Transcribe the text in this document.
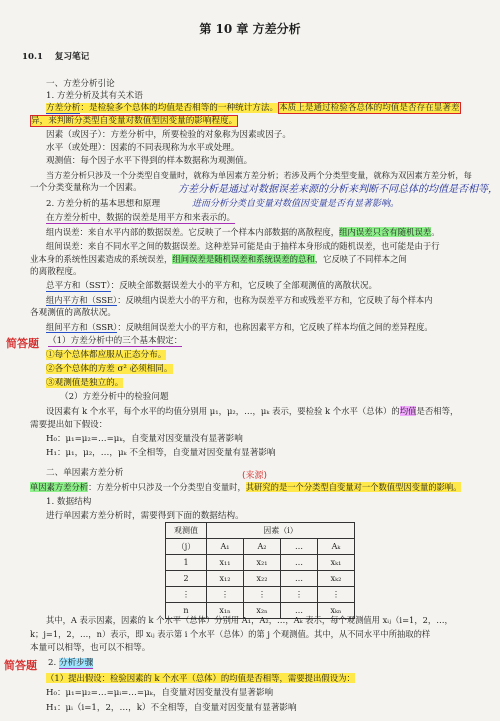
第 10 章 方差分析
10.1 复习笔记
一、方差分析引论
1. 方差分析及其有关术语
方差分析：是检验多个总体的均值是否相等的一种统计方法。本质上是通过检验各总体的均值是否存在显著差
异，来判断分类型自变量对数值型因变量的影响程度。
因素（或因子）：方差分析中，所要检验的对象称为因素或因子。
水平（或处理）：因素的不同表现称为水平或处理。
观测值：每个因子水平下得到的样本数据称为观测值。
当方差分析只涉及一个分类型自变量时，就称为单因素方差分析；若涉及两个分类型变量，就称为双因素方差分析，每
一个分类变量称为一个因素。	方差分析是通过对数据误差来源的分析来判断不同总体的均值是否相等，
进而分析分类自变量对数值因变量是否有显著影响。
2. 方差分析的基本思想和原理
在方差分析中，数据的误差是用平方和来表示的。
组内误差：来自水平内部的数据误差。它反映了一个样本内部数据的离散程度，组内误差只含有随机误差。
组间误差：来自不同水平之间的数据误差。这种差异可能是由于抽样本身形成的随机误差，也可能是由于行
业本身的系统性因素造成的系统误差，组间误差是随机误差和系统误差的总和，它反映了不同样本之间
的离散程度。
总平方和（SST）：反映全部数据误差大小的平方和，它反映了全部观测值的离散状况。
组内平方和（SSE）：反映组内误差大小的平方和，也称为误差平方和或残差平方和，它反映了每个样本内
各观测值的离散状况。
组间平方和（SSR）：反映组间误差大小的平方和，也称因素平方和，它反映了样本均值之间的差异程度。
简答题 （1）方差分析中的三个基本假定：
①每个总体都应服从正态分布。
②各个总体的方差 σ² 必须相同。
③观测值是独立的。
（2）方差分析中的检验问题
设因素有 k 个水平，每个水平的均值分别用 μ₁，μ₂，…，μₖ 表示，要检验 k 个水平（总体）的均值是否相等，
需要提出如下假设：
H₀：μ₁=μ₂=…=μₖ，自变量对因变量没有显著影响
H₁：μ₁，μ₂，…，μₖ 不全相等，自变量对因变量有显著影响
二、单因素方差分析	(来源)
单因素方差分析：方差分析中只涉及一个分类型自变量时，其研究的是一个分类型自变量对一个数值型因变量的影响。
1. 数据结构
进行单因素方差分析时，需要得到下面的数据结构。
观测值	因素（i）			
（j）	A₁	A₂	…	Aₖ
1	x₁₁	x₂₁	…	xₖ₁
2	x₁₂	x₂₂	…	xₖ₂
⋮	⋮	⋮	⋮	⋮
n	x₁ₙ	x₂ₙ	…	xₖₙ
其中，A 表示因素，因素的 k 个水平（总体）分别用 A₁，A₂，…，Aₖ 表示，每个观测值用 xᵢⱼ（i=1，2，…，
k；j=1，2，…，n）表示，即 xᵢⱼ 表示第 i 个水平（总体）的第 j 个观测值。其中，从不同水平中所抽取的样
本量可以相等，也可以不相等。
简答题 2. 分析步骤
（1）提出假设：检验因素的 k 个水平（总体）的均值是否相等，需要提出假设为：
H₀：μ₁=μ₂=…=μᵢ=…=μₖ，自变量对因变量没有显著影响
H₁：μᵢ（i=1，2，…，k）不全相等，自变量对因变量有显著影响
